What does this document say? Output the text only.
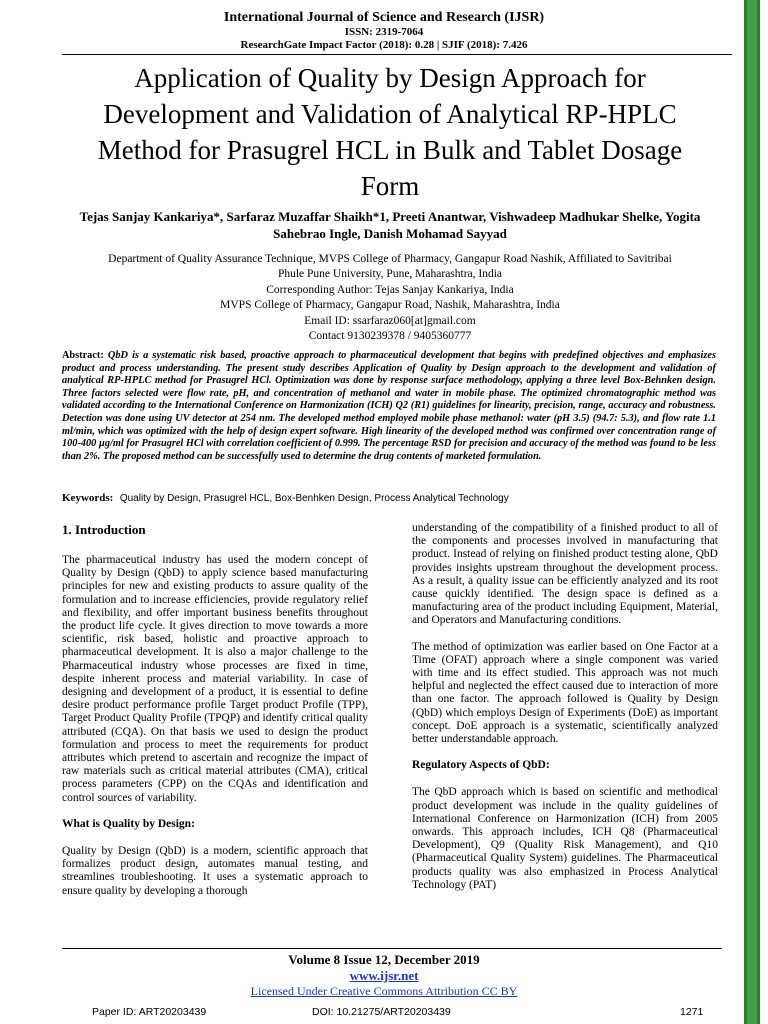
International Journal of Science and Research (IJSR)
ISSN: 2319-7064
ResearchGate Impact Factor (2018): 0.28 | SJIF (2018): 7.426
Application of Quality by Design Approach for Development and Validation of Analytical RP-HPLC Method for Prasugrel HCL in Bulk and Tablet Dosage Form
Tejas Sanjay Kankariya*, Sarfaraz Muzaffar Shaikh*1, Preeti Anantwar, Vishwadeep Madhukar Shelke, Yogita Sahebrao Ingle, Danish Mohamad Sayyad
Department of Quality Assurance Technique, MVPS College of Pharmacy, Gangapur Road Nashik, Affiliated to Savitribai
Phule Pune University, Pune, Maharashtra, India
Corresponding Author: Tejas Sanjay Kankariya, India
MVPS College of Pharmacy, Gangapur Road, Nashik, Maharashtra, India
Email ID: ssarfaraz060[at]gmail.com
Contact 9130239378 / 9405360777
Abstract: QbD is a systematic risk based, proactive approach to pharmaceutical development that begins with predefined objectives and emphasizes product and process understanding. The present study describes Application of Quality by Design approach to the development and validation of analytical RP-HPLC method for Prasugrel HCl. Optimization was done by response surface methodology, applying a three level Box-Behnken design. Three factors selected were flow rate, pH, and concentration of methanol and water in mobile phase. The optimized chromatographic method was validated according to the International Conference on Harmonization (ICH) Q2 (R1) guidelines for linearity, precision, range, accuracy and robustness. Detection was done using UV detector at 254 nm. The developed method employed mobile phase methanol: water (pH 3.5) (94.7: 5.3), and flow rate 1.1 ml/min, which was optimized with the help of design expert software. High linearity of the developed method was confirmed over concentration range of 100-400 µg/ml for Prasugrel HCl with correlation coefficient of 0.999. The percentage RSD for precision and accuracy of the method was found to be less than 2%. The proposed method can be successfully used to determine the drug contents of marketed formulation.
Keywords: Quality by Design, Prasugrel HCL, Box-Benhken Design, Process Analytical Technology
1. Introduction

The pharmaceutical industry has used the modern concept of Quality by Design (QbD) to apply science based manufacturing principles for new and existing products to assure quality of the formulation and to increase efficiencies, provide regulatory relief and flexibility, and offer important business benefits throughout the product life cycle. It gives direction to move towards a more scientific, risk based, holistic and proactive approach to pharmaceutical development. It is also a major challenge to the Pharmaceutical industry whose processes are fixed in time, despite inherent process and material variability. In case of designing and development of a product, it is essential to define desire product performance profile Target product Profile (TPP), Target Product Quality Profile (TPQP) and identify critical quality attributed (CQA). On that basis we used to design the product formulation and process to meet the requirements for product attributes which pretend to ascertain and recognize the impact of raw materials such as critical material attributes (CMA), critical process parameters (CPP) on the CQAs and identification and control sources of variability.

What is Quality by Design:

Quality by Design (QbD) is a modern, scientific approach that formalizes product design, automates manual testing, and streamlines troubleshooting. It uses a systematic approach to ensure quality by developing a thorough

understanding of the compatibility of a finished product to all of the components and processes involved in manufacturing that product. Instead of relying on finished product testing alone, QbD provides insights upstream throughout the development process. As a result, a quality issue can be efficiently analyzed and its root cause quickly identified. The design space is defined as a manufacturing area of the product including Equipment, Material, and Operators and Manufacturing conditions.

The method of optimization was earlier based on One Factor at a Time (OFAT) approach where a single component was varied with time and its effect studied. This approach was not much helpful and neglected the effect caused due to interaction of more than one factor. The approach followed is Quality by Design (QbD) which employs Design of Experiments (DoE) as important concept. DoE approach is a systematic, scientifically analyzed better understandable approach.

Regulatory Aspects of QbD:

The QbD approach which is based on scientific and methodical product development was include in the quality guidelines of International Conference on Harmonization (ICH) from 2005 onwards. This approach includes, ICH Q8 (Pharmaceutical Development), Q9 (Quality Risk Management), and Q10 (Pharmaceutical Quality System) guidelines. The Pharmaceutical products quality was also emphasized in Process Analytical Technology (PAT)

Volume 8 Issue 12, December 2019
www.ijsr.net
Licensed Under Creative Commons Attribution CC BY
Paper ID: ART20203439	DOI: 10.21275/ART20203439	1271
